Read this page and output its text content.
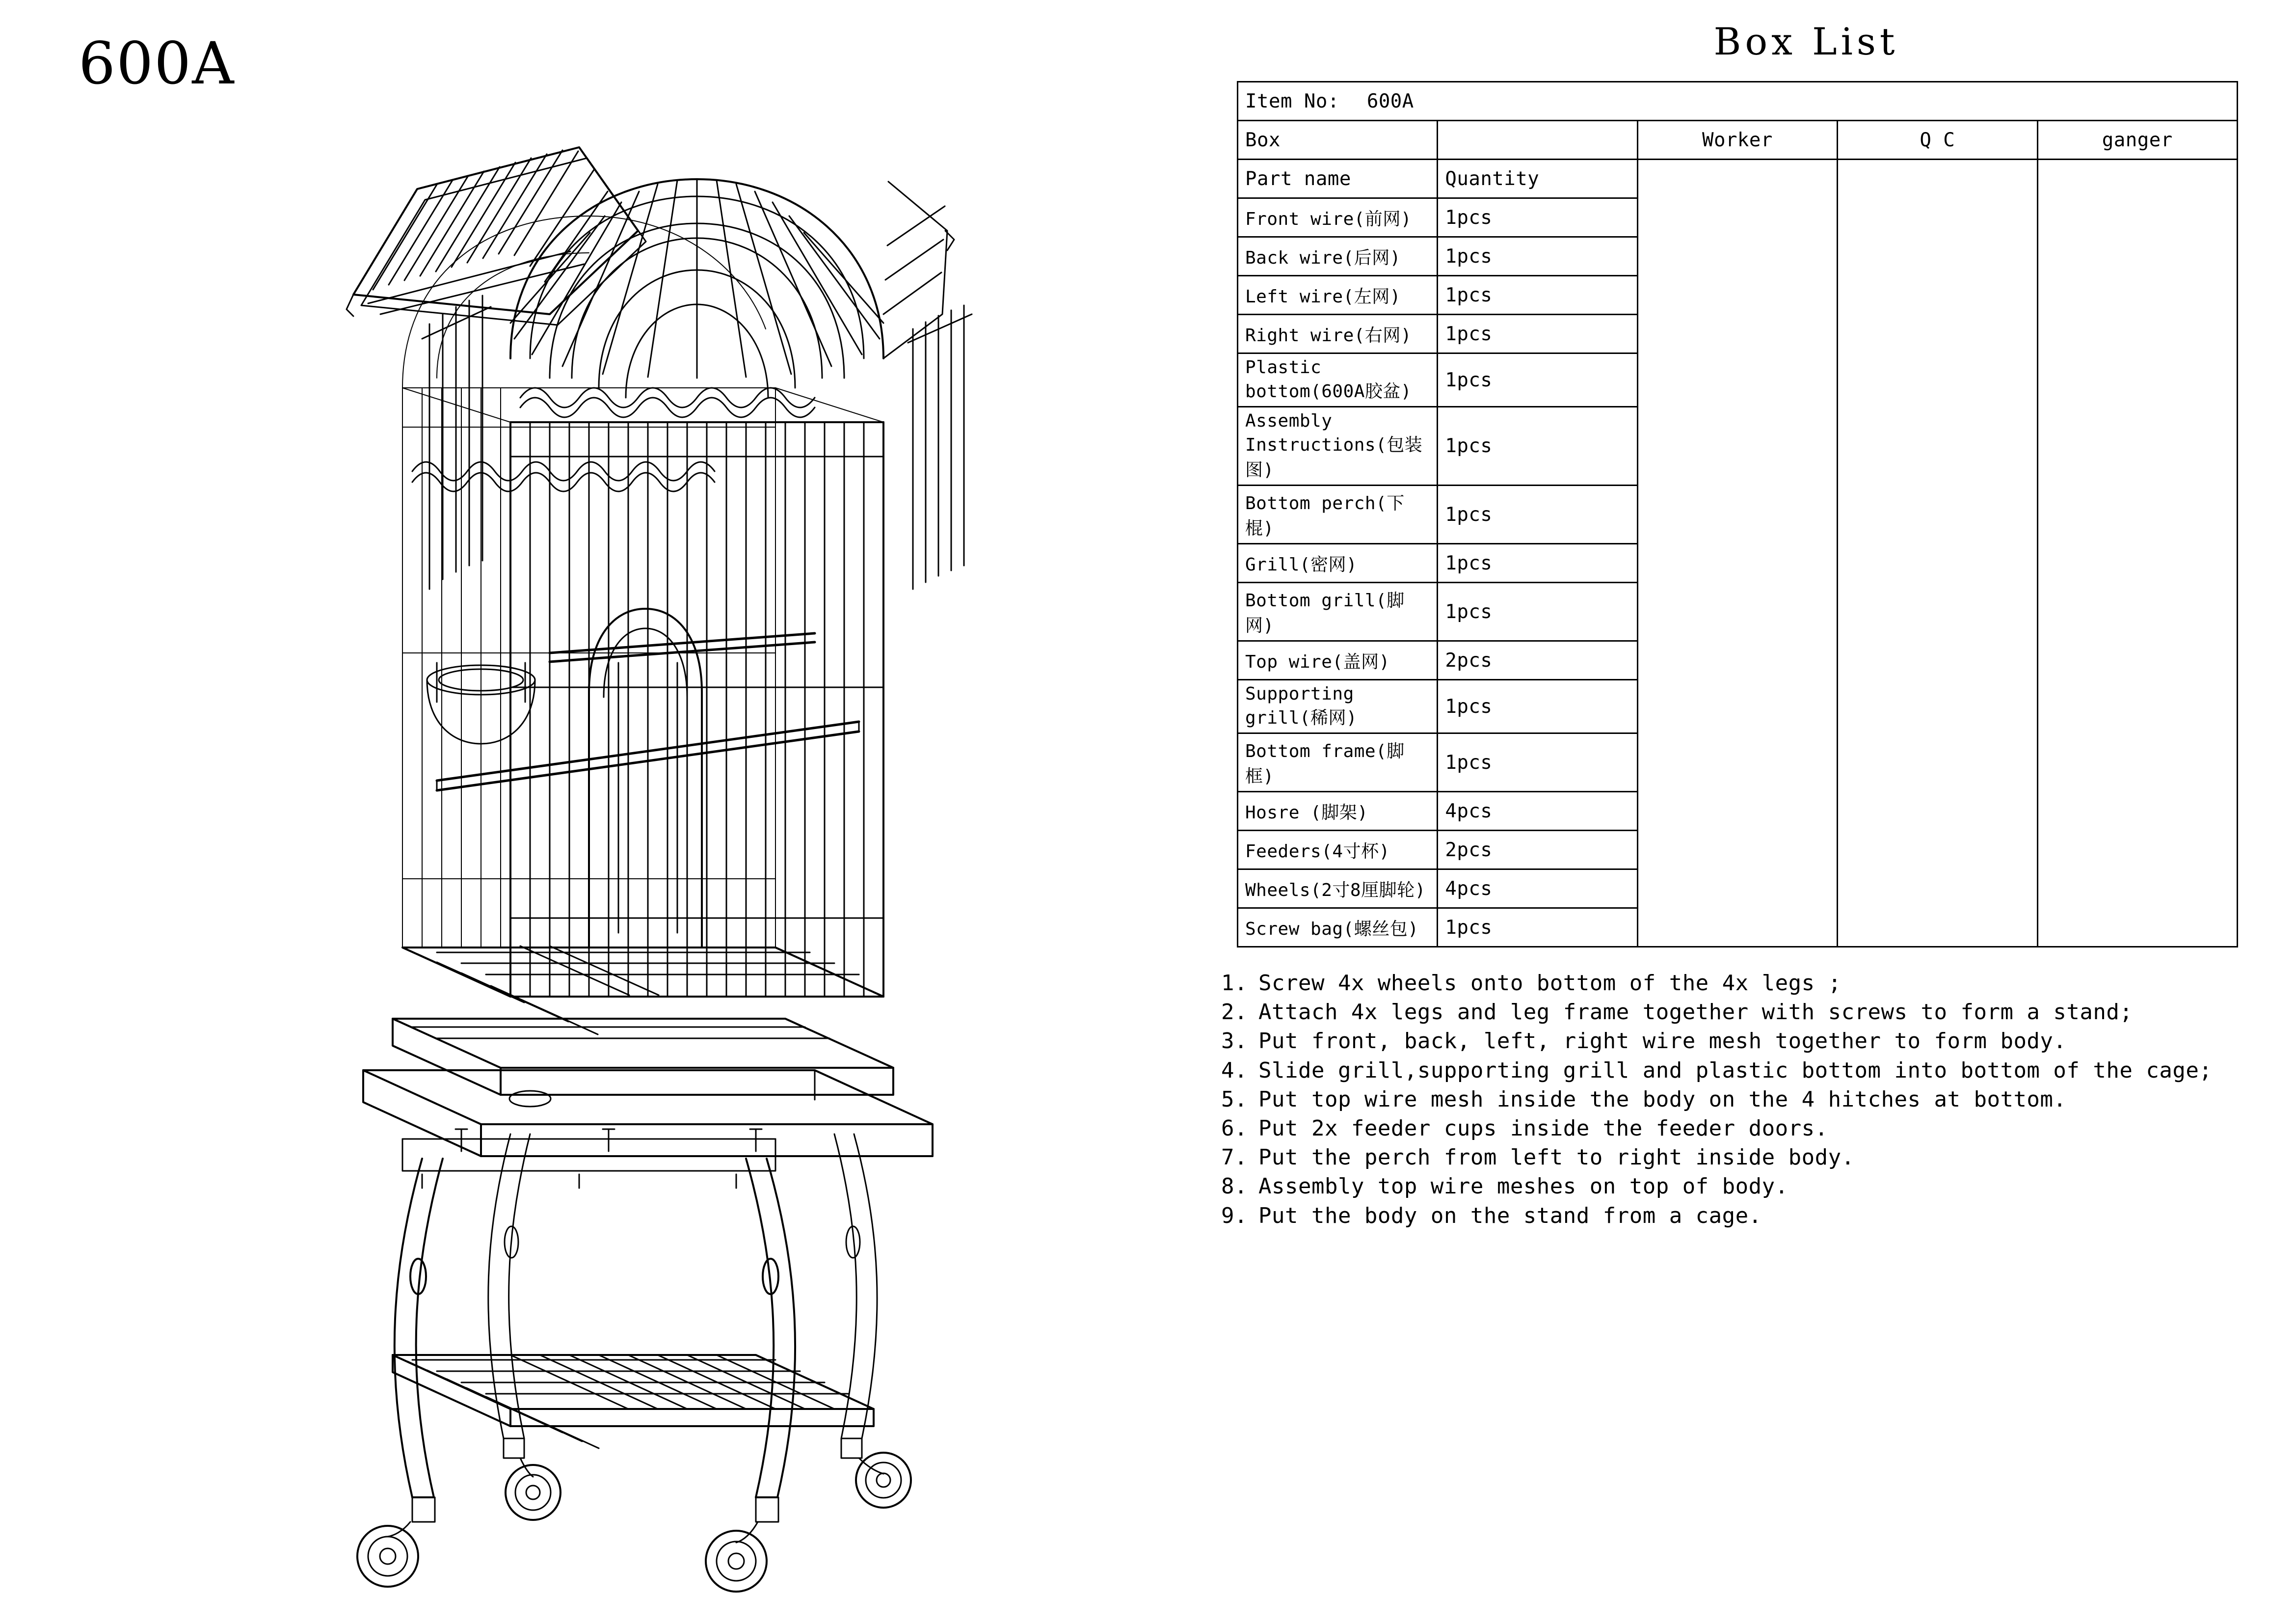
600A	Box List
Item No: 600A				
Box		Worker	Q C	ganger
Part name	Quantity			
Front wire(前网)	1pcs			
Back wire(后网)	1pcs			
Left wire(左网)	1pcs			
Right wire(右网)	1pcs			
Plastic bottom(600A胶盆)	1pcs			
Assembly Instructions(包装图)	1pcs			
Bottom perch(下棍)	1pcs			
Grill(密网)	1pcs			
Bottom grill(脚网)	1pcs			
Top wire(盖网)	2pcs			
Supporting grill(稀网)	1pcs			
Bottom frame(脚框)	1pcs			
Hosre (脚架)	4pcs			
Feeders(4寸杯)	2pcs			
Wheels(2寸8厘脚轮)	4pcs			
Screw bag(螺丝包)	1pcs			
1. Screw 4x wheels onto bottom of the 4x legs ;
2. Attach 4x legs and leg frame together with screws to form a stand;
3. Put front, back, left, right wire mesh together to form body.
4. Slide grill,supporting grill and plastic bottom into bottom of the cage;
5. Put top wire mesh inside the body on the 4 hitches at bottom.
6. Put 2x feeder cups inside the feeder doors.
7. Put the perch from left to right inside body.
8. Assembly top wire meshes on top of body.
9. Put the body on the stand from a cage.
